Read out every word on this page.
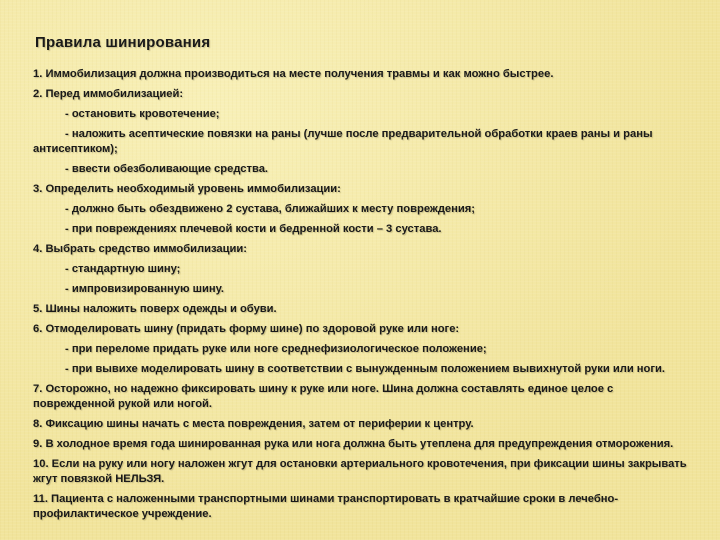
Правила шинирования
1. Иммобилизация должна производиться на месте получения травмы и как можно быстрее.
2. Перед иммобилизацией:
- остановить кровотечение;
- наложить асептические повязки на раны (лучше после предварительной обработки краев раны и раны антисептиком);
- ввести обезболивающие средства.
3. Определить необходимый уровень иммобилизации:
- должно быть обездвижено 2 сустава, ближайших к месту повреждения;
- при повреждениях плечевой кости и бедренной кости – 3 сустава.
4. Выбрать средство иммобилизации:
- стандартную шину;
- импровизированную шину.
5. Шины наложить поверх одежды и обуви.
6. Отмоделировать шину (придать форму шине) по здоровой руке или ноге:
- при переломе придать руке или ноге среднефизиологическое положение;
- при вывихе моделировать шину в соответствии с вынужденным положением вывихнутой руки или ноги.
7. Осторожно, но надежно фиксировать шину к руке или ноге. Шина должна составлять единое целое с поврежденной рукой или ногой.
8. Фиксацию шины начать с места повреждения, затем от периферии к центру.
9. В холодное время года шинированная рука или нога должна быть утеплена для предупреждения отморожения.
10. Если на руку или ногу наложен жгут для остановки артериального кровотечения, при фиксации шины закрывать жгут повязкой НЕЛЬЗЯ.
11. Пациента с наложенными транспортными шинами транспортировать в кратчайшие сроки в лечебно-профилактическое учреждение.
